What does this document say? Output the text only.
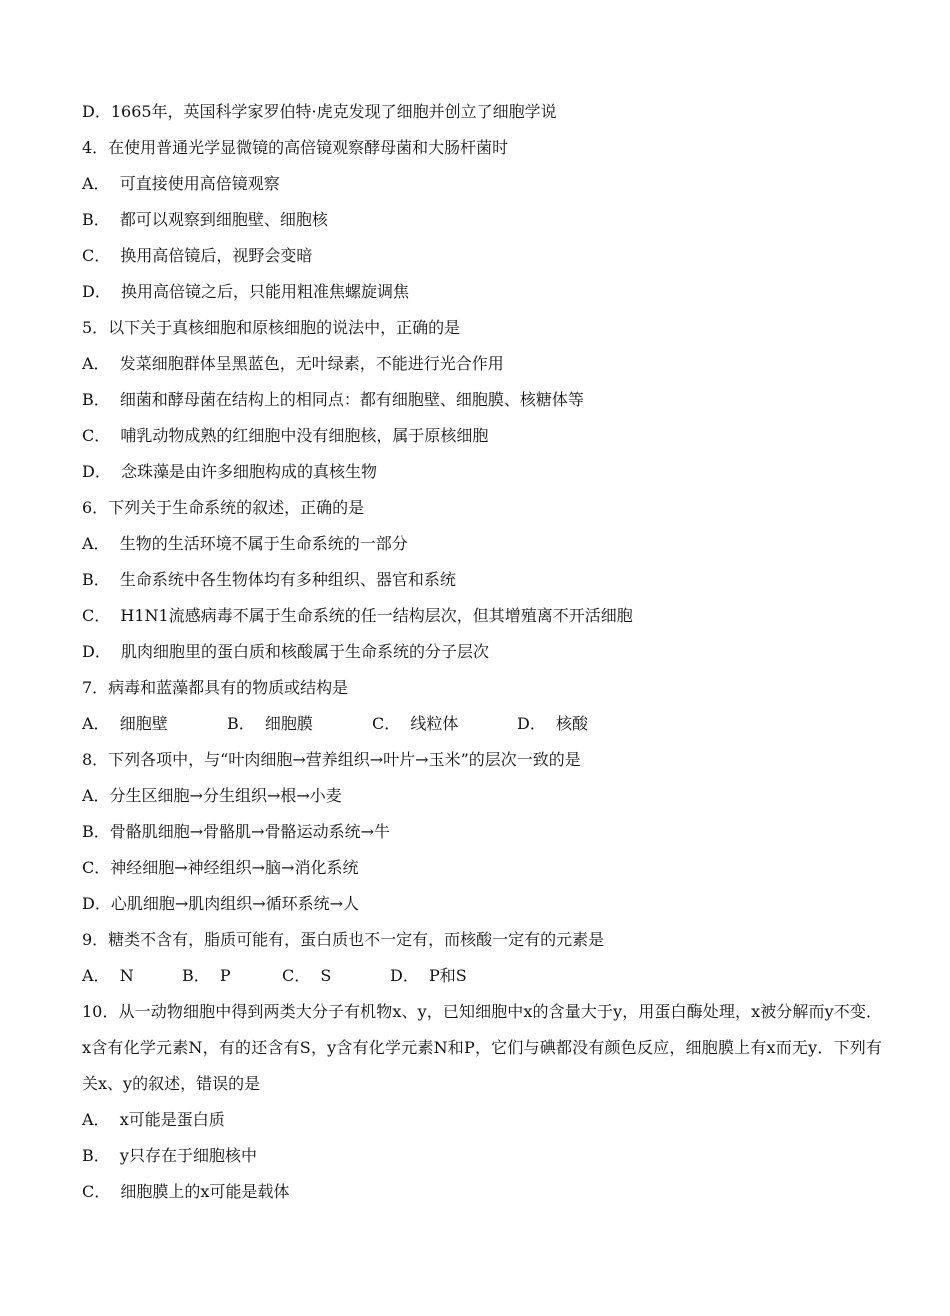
D．1665年，英国科学家罗伯特·虎克发现了细胞并创立了细胞学说
4．在使用普通光学显微镜的高倍镜观察酵母菌和大肠杆菌时
A．  可直接使用高倍镜观察
B．  都可以观察到细胞壁、细胞核
C．  换用高倍镜后，视野会变暗
D．  换用高倍镜之后，只能用粗准焦螺旋调焦
5．以下关于真核细胞和原核细胞的说法中，正确的是
A．  发菜细胞群体呈黑蓝色，无叶绿素，不能进行光合作用
B．  细菌和酵母菌在结构上的相同点：都有细胞壁、细胞膜、核糖体等
C．  哺乳动物成熟的红细胞中没有细胞核，属于原核细胞
D．  念珠藻是由许多细胞构成的真核生物
6．下列关于生命系统的叙述，正确的是
A．  生物的生活环境不属于生命系统的一部分
B．  生命系统中各生物体均有多种组织、器官和系统
C．  H1N1流感病毒不属于生命系统的任一结构层次，但其增殖离不开活细胞
D．  肌肉细胞里的蛋白质和核酸属于生命系统的分子层次
7．病毒和蓝藻都具有的物质或结构是
A．  细胞壁	B．  细胞膜	C．  线粒体	D．  核酸
8．下列各项中，与“叶肉细胞→营养组织→叶片→玉米”的层次一致的是
A．分生区细胞→分生组织→根→小麦
B．骨骼肌细胞→骨骼肌→骨骼运动系统→牛
C．神经细胞→神经组织→脑→消化系统
D．心肌细胞→肌肉组织→循环系统→人
9．糖类不含有，脂质可能有，蛋白质也不一定有，而核酸一定有的元素是
A．  N	B．  P	C．  S	D．  P和S
10．从一动物细胞中得到两类大分子有机物x、y，已知细胞中x的含量大于y，用蛋白酶处理，x被分解而y不变．x含有化学元素N，有的还含有S，y含有化学元素N和P，它们与碘都没有颜色反应，细胞膜上有x而无y．下列有关x、y的叙述，错误的是
A．  x可能是蛋白质
B．  y只存在于细胞核中
C．  细胞膜上的x可能是载体
